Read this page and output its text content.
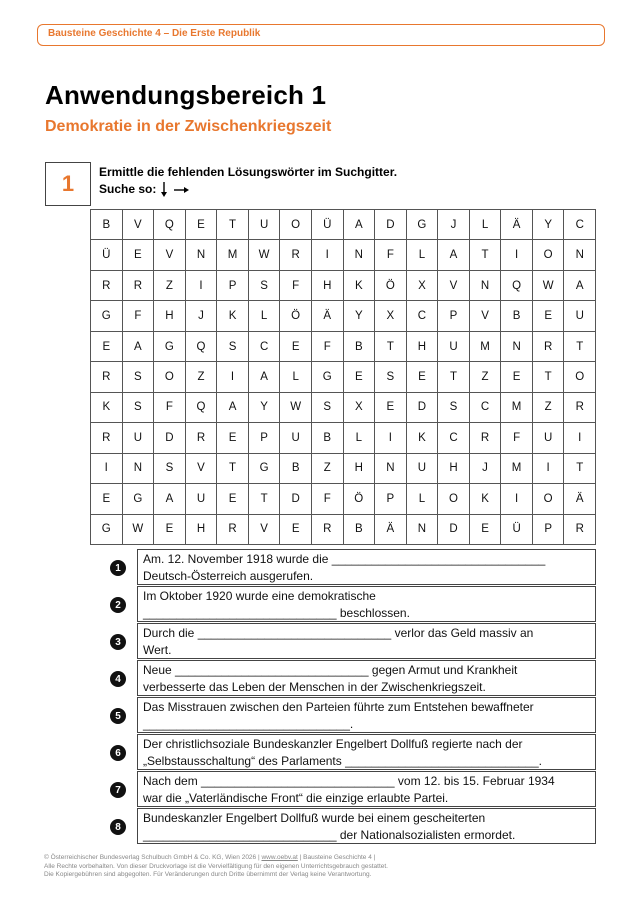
Bausteine Geschichte 4 – Die Erste Republik
Anwendungsbereich 1
Demokratie in der Zwischenkriegszeit
1 Ermittle die fehlenden Lösungswörter im Suchgitter.
Suche so:
B	V	Q	E	T	U	O	Ü	A	D	G	J	L	Ä	Y	C
Ü	E	V	N	M	W	R	I	N	F	L	A	T	I	O	N
R	R	Z	I	P	S	F	H	K	Ö	X	V	N	Q	W	A
G	F	H	J	K	L	Ö	Ä	Y	X	C	P	V	B	E	U
E	A	G	Q	S	C	E	F	B	T	H	U	M	N	R	T
R	S	O	Z	I	A	L	G	E	S	E	T	Z	E	T	O
K	S	F	Q	A	Y	W	S	X	E	D	S	C	M	Z	R
R	U	D	R	E	P	U	B	L	I	K	C	R	F	U	I
I	N	S	V	T	G	B	Z	H	N	U	H	J	M	I	T
E	G	A	U	E	T	D	F	Ö	P	L	O	K	I	O	Ä
G	W	E	H	R	V	E	R	B	Ä	N	D	E	Ü	P	R
1
Am. 12. November 1918 wurde die ________________________________
Deutsch-Österreich ausgerufen.
2
Im Oktober 1920 wurde eine demokratische
_____________________________ beschlossen.
3
Durch die _____________________________ verlor das Geld massiv an
Wert.
4
Neue _____________________________ gegen Armut und Krankheit
verbesserte das Leben der Menschen in der Zwischenkriegszeit.
5
Das Misstrauen zwischen den Parteien führte zum Entstehen bewaffneter
_______________________________.
6
Der christlichsoziale Bundeskanzler Engelbert Dollfuß regierte nach der
„Selbstausschaltung“ des Parlaments _____________________________.
7
Nach dem _____________________________ vom 12. bis 15. Februar 1934
war die „Vaterländische Front“ die einzige erlaubte Partei.
8
Bundeskanzler Engelbert Dollfuß wurde bei einem gescheiterten
_____________________________ der Nationalsozialisten ermordet.
© Österreichischer Bundesverlag Schulbuch GmbH & Co. KG, Wien 2026 | www.oebv.at | Bausteine Geschichte 4 |
Alle Rechte vorbehalten. Von dieser Druckvorlage ist die Vervielfältigung für den eigenen Unterrichtsgebrauch gestattet.
Die Kopiergebühren sind abgegolten. Für Veränderungen durch Dritte übernimmt der Verlag keine Verantwortung.
